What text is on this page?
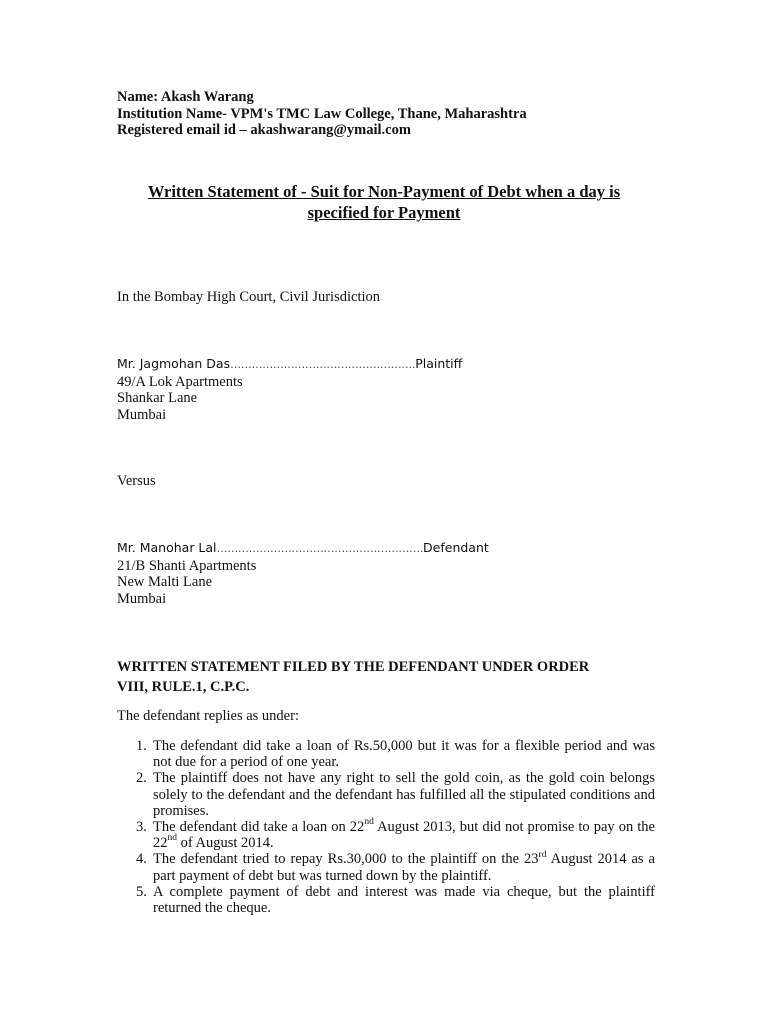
Name: Akash Warang
Institution Name- VPM's TMC Law College, Thane, Maharashtra
Registered email id – akashwarang@ymail.com
Written Statement of - Suit for Non-Payment of Debt when a day is
specified for Payment
In the Bombay High Court, Civil Jurisdiction
Mr. Jagmohan Das…………………………………………….Plaintiff
49/A Lok Apartments
Shankar Lane
Mumbai
Versus
Mr. Manohar Lal………………………………………………….Defendant
21/B Shanti Apartments
New Malti Lane
Mumbai
WRITTEN STATEMENT FILED BY THE DEFENDANT UNDER ORDER
VIII, RULE.1, C.P.C.
The defendant replies as under:
1. The defendant did take a loan of Rs.50,000 but it was for a flexible period and was not due for a period of one year.
2. The plaintiff does not have any right to sell the gold coin, as the gold coin belongs solely to the defendant and the defendant has fulfilled all the stipulated conditions and promises.
3. The defendant did take a loan on 22nd August 2013, but did not promise to pay on the 22nd of August 2014.
4. The defendant tried to repay Rs.30,000 to the plaintiff on the 23rd August 2014 as a part payment of debt but was turned down by the plaintiff.
5. A complete payment of debt and interest was made via cheque, but the plaintiff returned the cheque.
